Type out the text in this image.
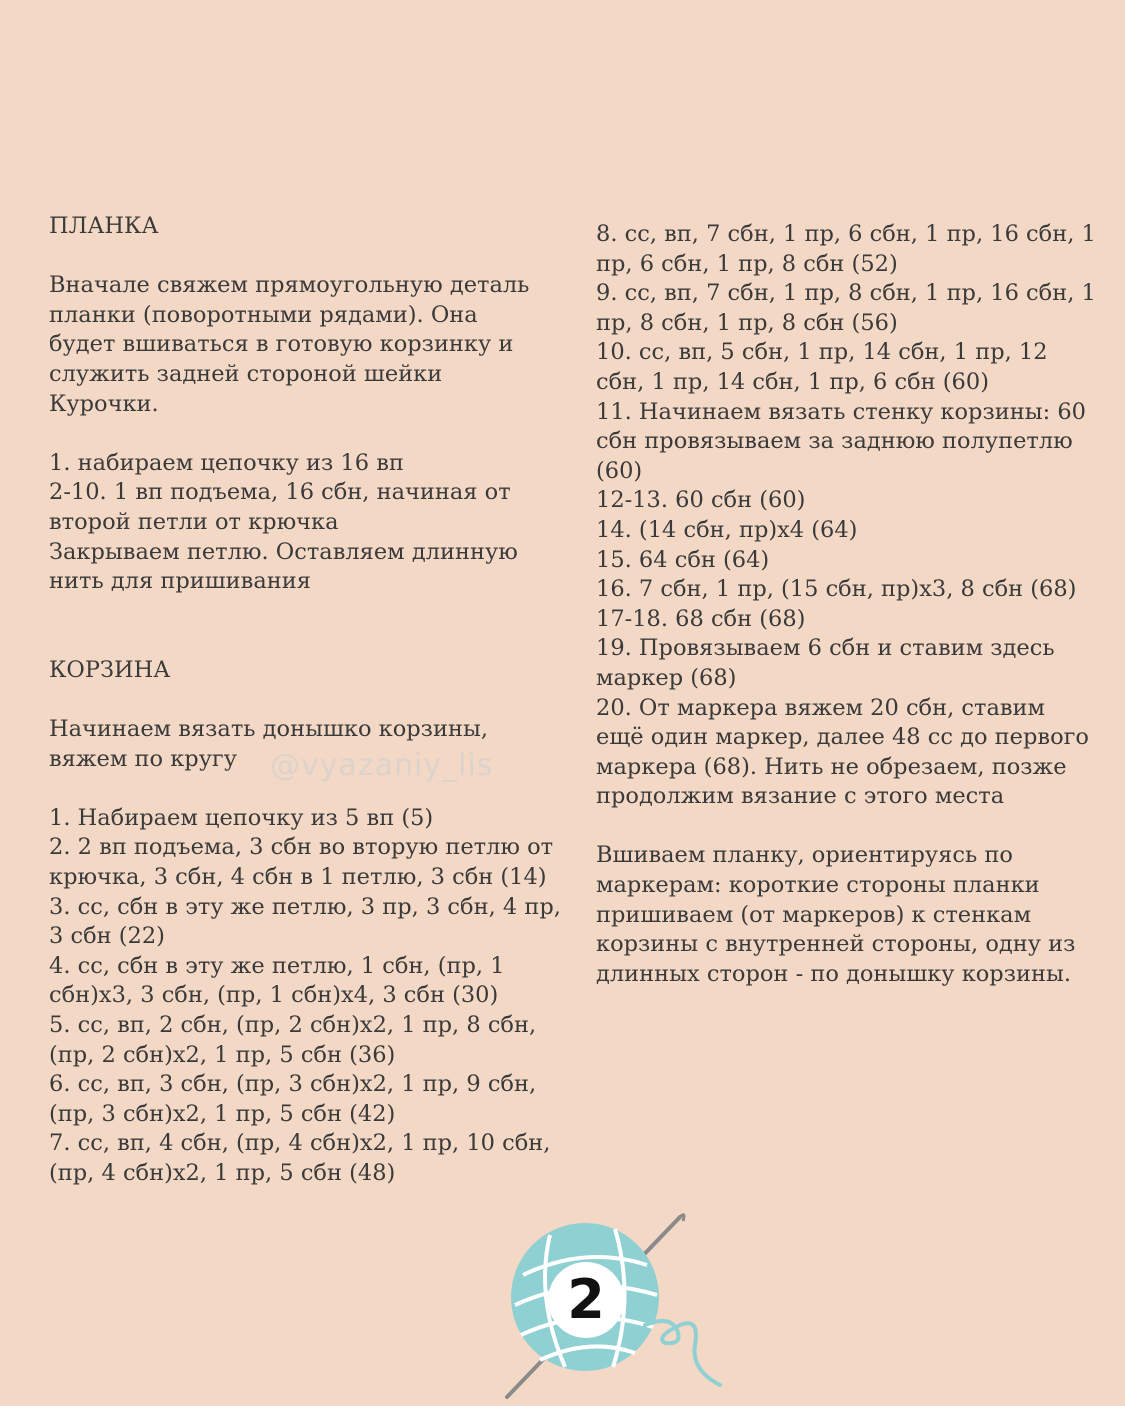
ПЛАНКА
Вначале свяжем прямоугольную деталь
планки (поворотными рядами). Она
будет вшиваться в готовую корзинку и
служить задней стороной шейки
Курочки.
1. набираем цепочку из 16 вп
2-10. 1 вп подъема, 16 сбн, начиная от
второй петли от крючка
Закрываем петлю. Оставляем длинную
нить для пришивания
КОРЗИНА
Начинаем вязать донышко корзины,
вяжем по кругу
1. Набираем цепочку из 5 вп (5)
2. 2 вп подъема, 3 сбн во вторую петлю от
крючка, 3 сбн, 4 сбн в 1 петлю, 3 сбн (14)
3. сс, сбн в эту же петлю, 3 пр, 3 сбн, 4 пр,
3 сбн (22)
4. сс, сбн в эту же петлю, 1 сбн, (пр, 1
сбн)х3, 3 сбн, (пр, 1 сбн)х4, 3 сбн (30)
5. сс, вп, 2 сбн, (пр, 2 сбн)х2, 1 пр, 8 сбн,
(пр, 2 сбн)х2, 1 пр, 5 сбн (36)
6. сс, вп, 3 сбн, (пр, 3 сбн)х2, 1 пр, 9 сбн,
(пр, 3 сбн)х2, 1 пр, 5 сбн (42)
7. сс, вп, 4 сбн, (пр, 4 сбн)х2, 1 пр, 10 сбн,
(пр, 4 сбн)х2, 1 пр, 5 сбн (48)
8. сс, вп, 7 сбн, 1 пр, 6 сбн, 1 пр, 16 сбн, 1
пр, 6 сбн, 1 пр, 8 сбн (52)
9. сс, вп, 7 сбн, 1 пр, 8 сбн, 1 пр, 16 сбн, 1
пр, 8 сбн, 1 пр, 8 сбн (56)
10. сс, вп, 5 сбн, 1 пр, 14 сбн, 1 пр, 12
сбн, 1 пр, 14 сбн, 1 пр, 6 сбн (60)
11. Начинаем вязать стенку корзины: 60
сбн провязываем за заднюю полупетлю
(60)
12-13. 60 сбн (60)
14. (14 сбн, пр)х4 (64)
15. 64 сбн (64)
16. 7 сбн, 1 пр, (15 сбн, пр)х3, 8 сбн (68)
17-18. 68 сбн (68)
19. Провязываем 6 сбн и ставим здесь
маркер (68)
20. От маркера вяжем 20 сбн, ставим
ещё один маркер, далее 48 сс до первого
маркера (68). Нить не обрезаем, позже
продолжим вязание с этого места
Вшиваем планку, ориентируясь по
маркерам: короткие стороны планки
пришиваем (от маркеров) к стенкам
корзины с внутренней стороны, одну из
длинных сторон - по донышку корзины.
@vyazaniy_lis
2
